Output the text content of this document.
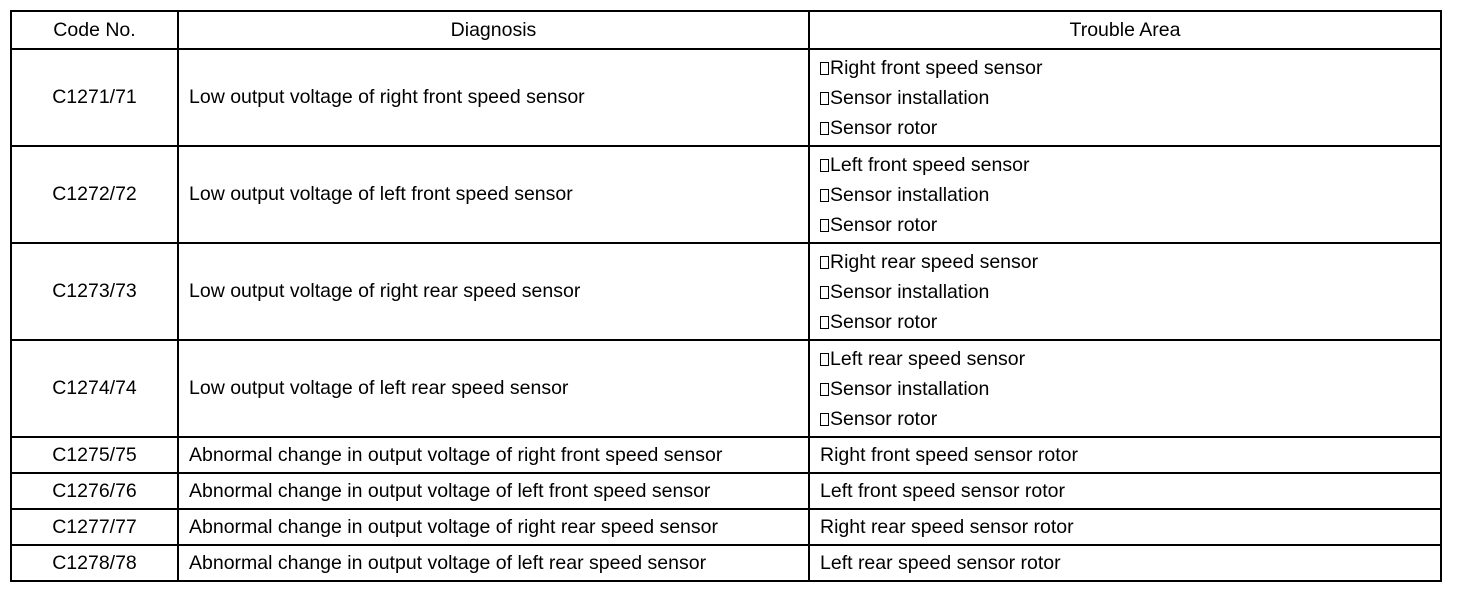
Code No.	Diagnosis	Trouble Area
C1271/71	Low output voltage of right front speed sensor	Right front speed sensor
Sensor installation
Sensor rotor

C1272/72	Low output voltage of left front speed sensor	Left front speed sensor
Sensor installation
Sensor rotor

C1273/73	Low output voltage of right rear speed sensor	Right rear speed sensor
Sensor installation
Sensor rotor

C1274/74	Low output voltage of left rear speed sensor	Left rear speed sensor
Sensor installation
Sensor rotor

C1275/75	Abnormal change in output voltage of right front speed sensor	Right front speed sensor rotor
C1276/76	Abnormal change in output voltage of left front speed sensor	Left front speed sensor rotor
C1277/77	Abnormal change in output voltage of right rear speed sensor	Right rear speed sensor rotor
C1278/78	Abnormal change in output voltage of left rear speed sensor	Left rear speed sensor rotor
